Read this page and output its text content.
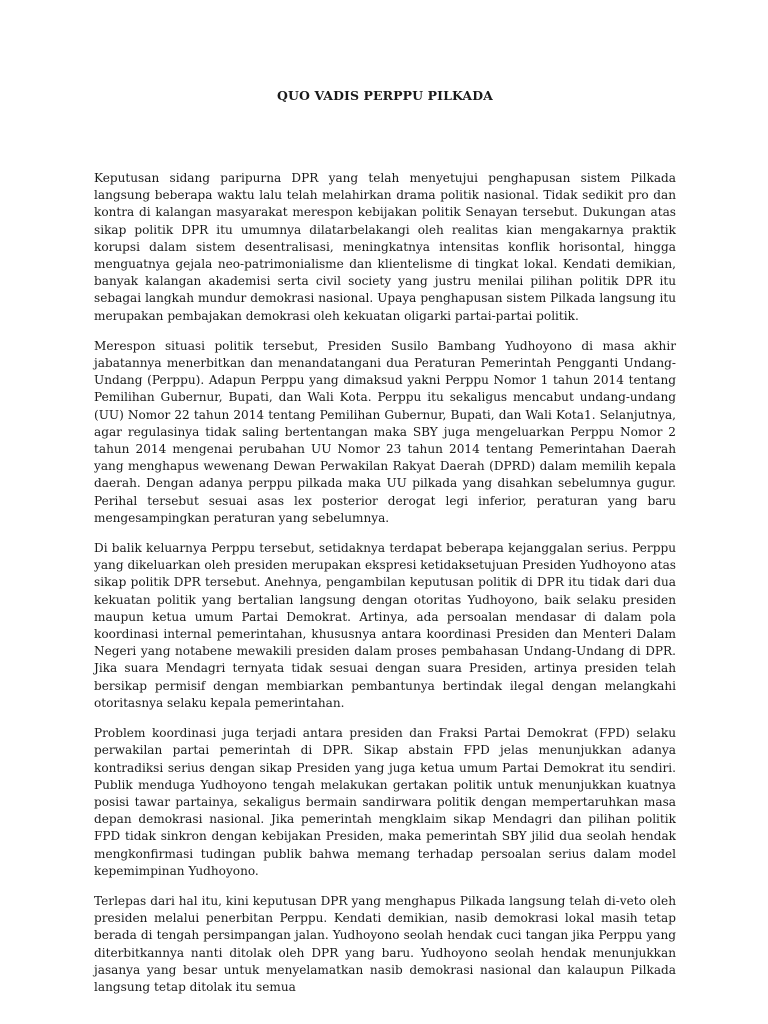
QUO VADIS PERPPU PILKADA

Keputusan sidang paripurna DPR yang telah menyetujui penghapusan sistem Pilkada langsung beberapa waktu lalu telah melahirkan drama politik nasional. Tidak sedikit pro dan kontra di kalangan masyarakat merespon kebijakan politik Senayan tersebut. Dukungan atas sikap politik DPR itu umumnya dilatarbelakangi oleh realitas kian mengakarnya praktik korupsi dalam sistem desentralisasi, meningkatnya intensitas konflik horisontal, hingga menguatnya gejala neo-patrimonialisme dan klientelisme di tingkat lokal. Kendati demikian, banyak kalangan akademisi serta civil society yang justru menilai pilihan politik DPR itu sebagai langkah mundur demokrasi nasional. Upaya penghapusan sistem Pilkada langsung itu merupakan pembajakan demokrasi oleh kekuatan oligarki partai-partai politik.

Merespon situasi politik tersebut, Presiden Susilo Bambang Yudhoyono di masa akhir jabatannya menerbitkan dan menandatangani dua Peraturan Pemerintah Pengganti Undang-Undang (Perppu). Adapun Perppu yang dimaksud yakni Perppu Nomor 1 tahun 2014 tentang Pemilihan Gubernur, Bupati, dan Wali Kota. Perppu itu sekaligus mencabut undang-undang (UU) Nomor 22 tahun 2014 tentang Pemilihan Gubernur, Bupati, dan Wali Kota1. Selanjutnya, agar regulasinya tidak saling bertentangan maka SBY juga mengeluarkan Perppu Nomor 2 tahun 2014 mengenai perubahan UU Nomor 23 tahun 2014 tentang Pemerintahan Daerah yang menghapus wewenang Dewan Perwakilan Rakyat Daerah (DPRD) dalam memilih kepala daerah. Dengan adanya perppu pilkada maka UU pilkada yang disahkan sebelumnya gugur. Perihal tersebut sesuai asas lex posterior derogat legi inferior, peraturan yang baru mengesampingkan peraturan yang sebelumnya.

Di balik keluarnya Perppu tersebut, setidaknya terdapat beberapa kejanggalan serius. Perppu yang dikeluarkan oleh presiden merupakan ekspresi ketidaksetujuan Presiden Yudhoyono atas sikap politik DPR tersebut. Anehnya, pengambilan keputusan politik di DPR itu tidak dari dua kekuatan politik yang bertalian langsung dengan otoritas Yudhoyono, baik selaku presiden maupun ketua umum Partai Demokrat. Artinya, ada persoalan mendasar di dalam pola koordinasi internal pemerintahan, khususnya antara koordinasi Presiden dan Menteri Dalam Negeri yang notabene mewakili presiden dalam proses pembahasan Undang-Undang di DPR. Jika suara Mendagri ternyata tidak sesuai dengan suara Presiden, artinya presiden telah bersikap permisif dengan membiarkan pembantunya bertindak ilegal dengan melangkahi otoritasnya selaku kepala pemerintahan.

Problem koordinasi juga terjadi antara presiden dan Fraksi Partai Demokrat (FPD) selaku perwakilan partai pemerintah di DPR. Sikap abstain FPD jelas menunjukkan adanya kontradiksi serius dengan sikap Presiden yang juga ketua umum Partai Demokrat itu sendiri. Publik menduga Yudhoyono tengah melakukan gertakan politik untuk menunjukkan kuatnya posisi tawar partainya, sekaligus bermain sandirwara politik dengan mempertaruhkan masa depan demokrasi nasional. Jika pemerintah mengklaim sikap Mendagri dan pilihan politik FPD tidak sinkron dengan kebijakan Presiden, maka pemerintah SBY jilid dua seolah hendak mengkonfirmasi tudingan publik bahwa memang terhadap persoalan serius dalam model kepemimpinan Yudhoyono.

Terlepas dari hal itu, kini keputusan DPR yang menghapus Pilkada langsung telah di-veto oleh presiden melalui penerbitan Perppu. Kendati demikian, nasib demokrasi lokal masih tetap berada di tengah persimpangan jalan. Yudhoyono seolah hendak cuci tangan jika Perppu yang diterbitkannya nanti ditolak oleh DPR yang baru. Yudhoyono seolah hendak menunjukkan jasanya yang besar untuk menyelamatkan nasib demokrasi nasional dan kalaupun Pilkada langsung tetap ditolak itu semua
